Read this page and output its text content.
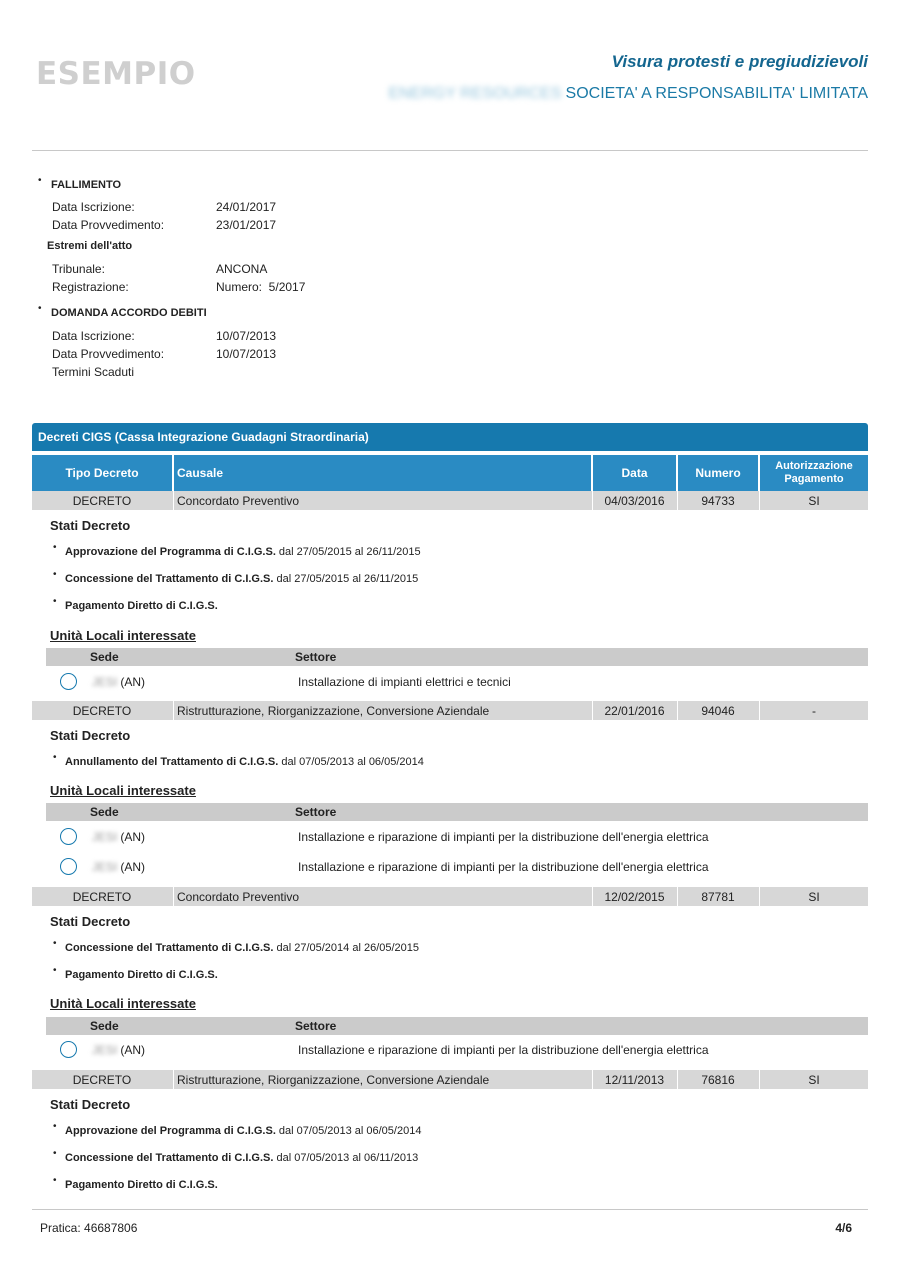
ESEMPIO	Visura protesti e pregiudizievoli
ENERGY RESOURCES SOCIETA' A RESPONSABILITA' LIMITATA
• FALLIMENTO
Data Iscrizione:	24/01/2017
Data Provvedimento:	23/01/2017
Estremi dell'atto
Tribunale:	ANCONA
Registrazione:	Numero:  5/2017
• DOMANDA ACCORDO DEBITI
Data Iscrizione:	10/07/2013
Data Provvedimento:	10/07/2013
Termini Scaduti
Decreti CIGS (Cassa Integrazione Guadagni Straordinaria)
Tipo Decreto	Causale	Data	Numero	Autorizzazione Pagamento
DECRETO	Concordato Preventivo	04/03/2016	94733	SI
Stati Decreto
• Approvazione del Programma di C.I.G.S. dal 27/05/2015 al 26/11/2015
• Concessione del Trattamento di C.I.G.S. dal 27/05/2015 al 26/11/2015
• Pagamento Diretto di C.I.G.S.
Unità Locali interessate
Sede	Settore
JESI (AN)	Installazione di impianti elettrici e tecnici
DECRETO	Ristrutturazione, Riorganizzazione, Conversione Aziendale	22/01/2016	94046	-
Stati Decreto
• Annullamento del Trattamento di C.I.G.S. dal 07/05/2013 al 06/05/2014
Unità Locali interessate
Sede	Settore
JESI (AN)	Installazione e riparazione di impianti per la distribuzione dell'energia elettrica
JESI (AN)	Installazione e riparazione di impianti per la distribuzione dell'energia elettrica
DECRETO	Concordato Preventivo	12/02/2015	87781	SI
Stati Decreto
• Concessione del Trattamento di C.I.G.S. dal 27/05/2014 al 26/05/2015
• Pagamento Diretto di C.I.G.S.
Unità Locali interessate
Sede	Settore
JESI (AN)	Installazione e riparazione di impianti per la distribuzione dell'energia elettrica
DECRETO	Ristrutturazione, Riorganizzazione, Conversione Aziendale	12/11/2013	76816	SI
Stati Decreto
• Approvazione del Programma di C.I.G.S. dal 07/05/2013 al 06/05/2014
• Concessione del Trattamento di C.I.G.S. dal 07/05/2013 al 06/11/2013
• Pagamento Diretto di C.I.G.S.
Pratica: 46687806	4/6
